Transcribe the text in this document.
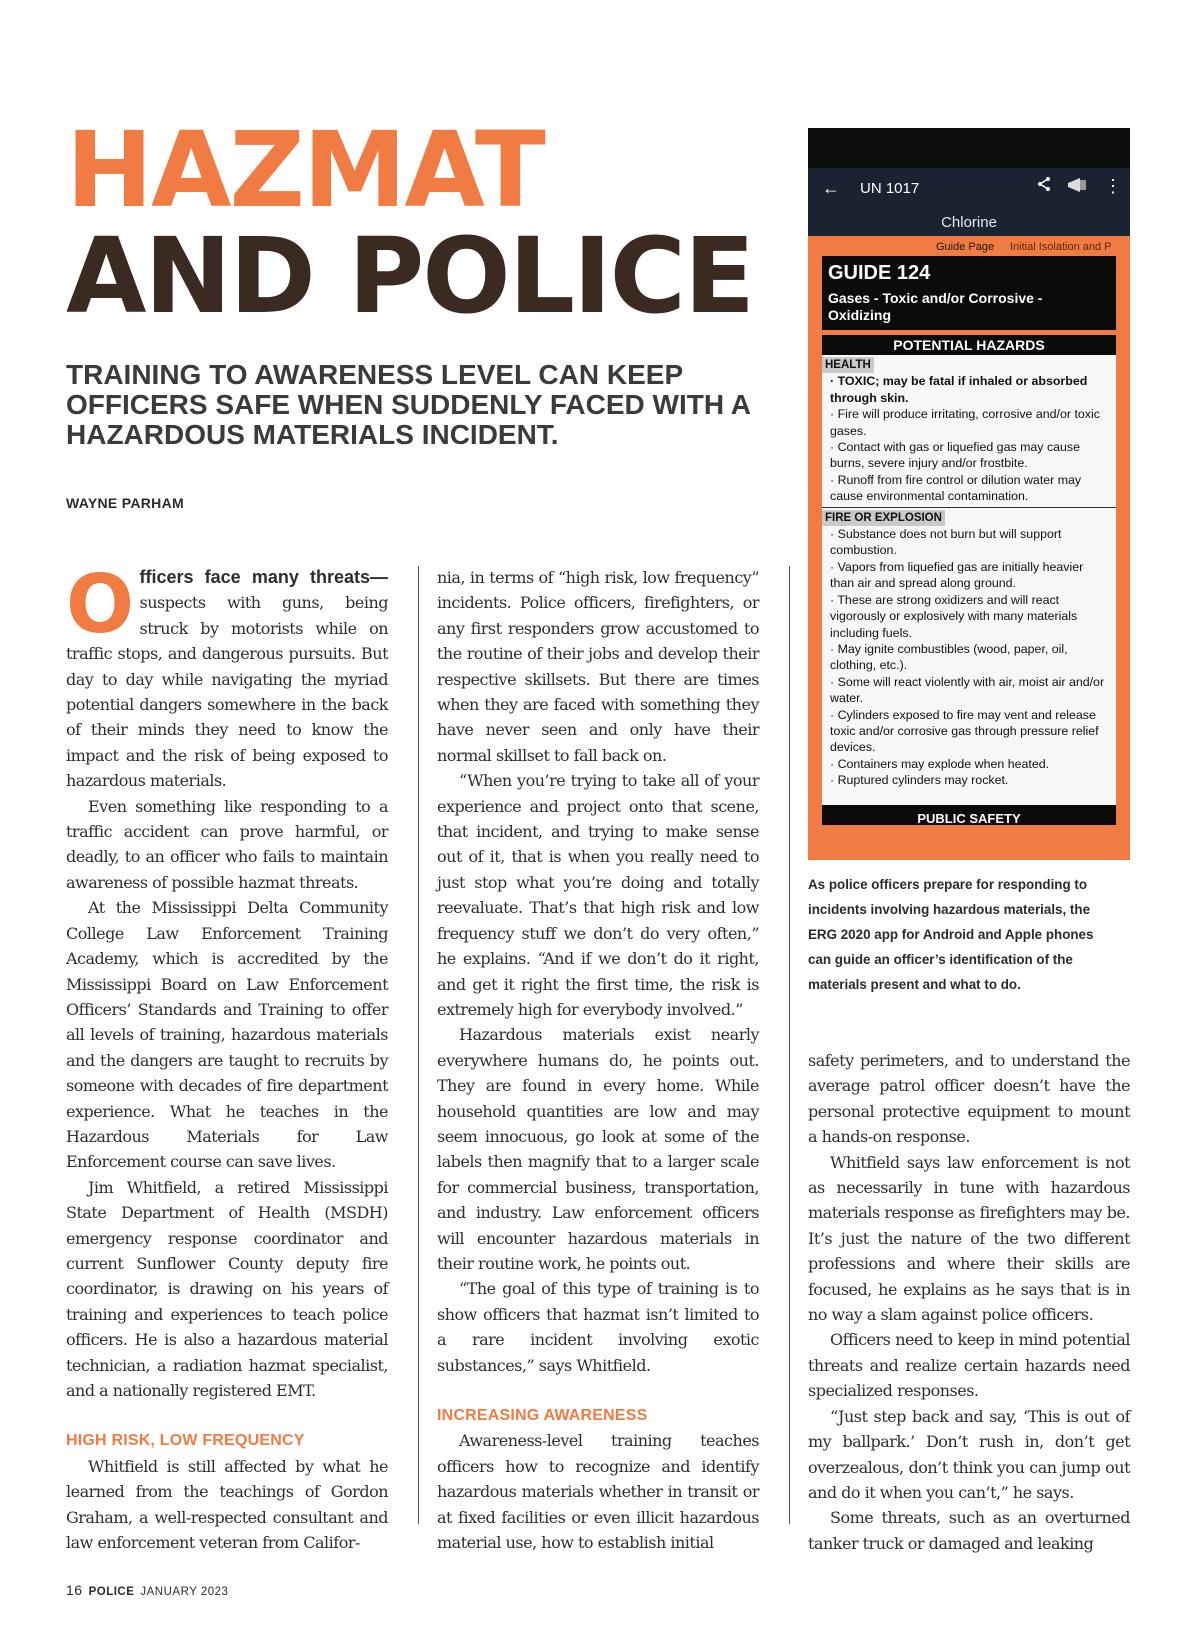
HAZMAT
AND POLICE
TRAINING TO AWARENESS LEVEL CAN KEEP OFFICERS SAFE WHEN SUDDENLY FACED WITH A HAZARDOUS MATERIALS INCIDENT.
WAYNE PARHAM
← UN 1017	⋮
Chlorine
Guide Page Initial Isolation and P
GUIDE 124
Gases - Toxic and/or Corrosive - Oxidizing
POTENTIAL HAZARDS
HEALTH
· TOXIC; may be fatal if inhaled or absorbed through skin.
· Fire will produce irritating, corrosive and/or toxic gases.
· Contact with gas or liquefied gas may cause burns, severe injury and/or frostbite.
· Runoff from fire control or dilution water may cause environmental contamination.
FIRE OR EXPLOSION
· Substance does not burn but will support combustion.
· Vapors from liquefied gas are initially heavier than air and spread along ground.
· These are strong oxidizers and will react vigorously or explosively with many materials including fuels.
· May ignite combustibles (wood, paper, oil, clothing, etc.).
· Some will react violently with air, moist air and/or water.
· Cylinders exposed to fire may vent and release toxic and/or corrosive gas through pressure relief devices.
· Containers may explode when heated.
· Ruptured cylinders may rocket.
PUBLIC SAFETY

As police officers prepare for responding to incidents involving hazardous materials, the ERG 2020 app for Android and Apple phones can guide an officer’s identification of the materials present and what to do.

Officers face many threats— suspects with guns, being struck by motorists while on traffic stops, and dangerous pursuits. But day to day while navigating the myriad potential dangers somewhere in the back of their minds they need to know the impact and the risk of being exposed to hazardous materials.

Even something like responding to a traffic accident can prove harmful, or deadly, to an officer who fails to maintain awareness of possible hazmat threats.

At the Mississippi Delta Community College Law Enforcement Training Academy, which is accredited by the Mississippi Board on Law Enforcement Officers’ Standards and Training to offer all levels of training, hazardous materials and the dangers are taught to recruits by someone with decades of fire department experience. What he teaches in the Hazardous Materials for Law Enforcement course can save lives.

Jim Whitfield, a retired Mississippi State Department of Health (MSDH) emergency response coordinator and current Sunflower County deputy fire coordinator, is drawing on his years of training and experiences to teach police officers. He is also a hazardous material technician, a radiation hazmat specialist, and a nationally registered EMT.

HIGH RISK, LOW FREQUENCY

Whitfield is still affected by what he learned from the teachings of Gordon Graham, a well-respected consultant and law enforcement veteran from Califor-

nia, in terms of “high risk, low frequency” incidents. Police officers, firefighters, or any first responders grow accustomed to the routine of their jobs and develop their respective skillsets. But there are times when they are faced with something they have never seen and only have their normal skillset to fall back on.

“When you’re trying to take all of your experience and project onto that scene, that incident, and trying to make sense out of it, that is when you really need to just stop what you’re doing and totally reevaluate. That’s that high risk and low frequency stuff we don’t do very often,” he explains. “And if we don’t do it right, and get it right the first time, the risk is extremely high for everybody involved.”

Hazardous materials exist nearly everywhere humans do, he points out. They are found in every home. While household quantities are low and may seem innocuous, go look at some of the labels then magnify that to a larger scale for commercial business, transportation, and industry. Law enforcement officers will encounter hazardous materials in their routine work, he points out.

“The goal of this type of training is to show officers that hazmat isn’t limited to a rare incident involving exotic substances,” says Whitfield.

INCREASING AWARENESS

Awareness-level training teaches officers how to recognize and identify hazardous materials whether in transit or at fixed facilities or even illicit hazardous material use, how to establish initial

safety perimeters, and to understand the average patrol officer doesn’t have the personal protective equipment to mount a hands-on response.

Whitfield says law enforcement is not as necessarily in tune with hazardous materials response as firefighters may be. It’s just the nature of the two different professions and where their skills are focused, he explains as he says that is in no way a slam against police officers.

Officers need to keep in mind potential threats and realize certain hazards need specialized responses.

“Just step back and say, ‘This is out of my ballpark.’ Don’t rush in, don’t get overzealous, don’t think you can jump out and do it when you can’t,” he says.

Some threats, such as an overturned tanker truck or damaged and leaking

16 POLICE JANUARY 2023
